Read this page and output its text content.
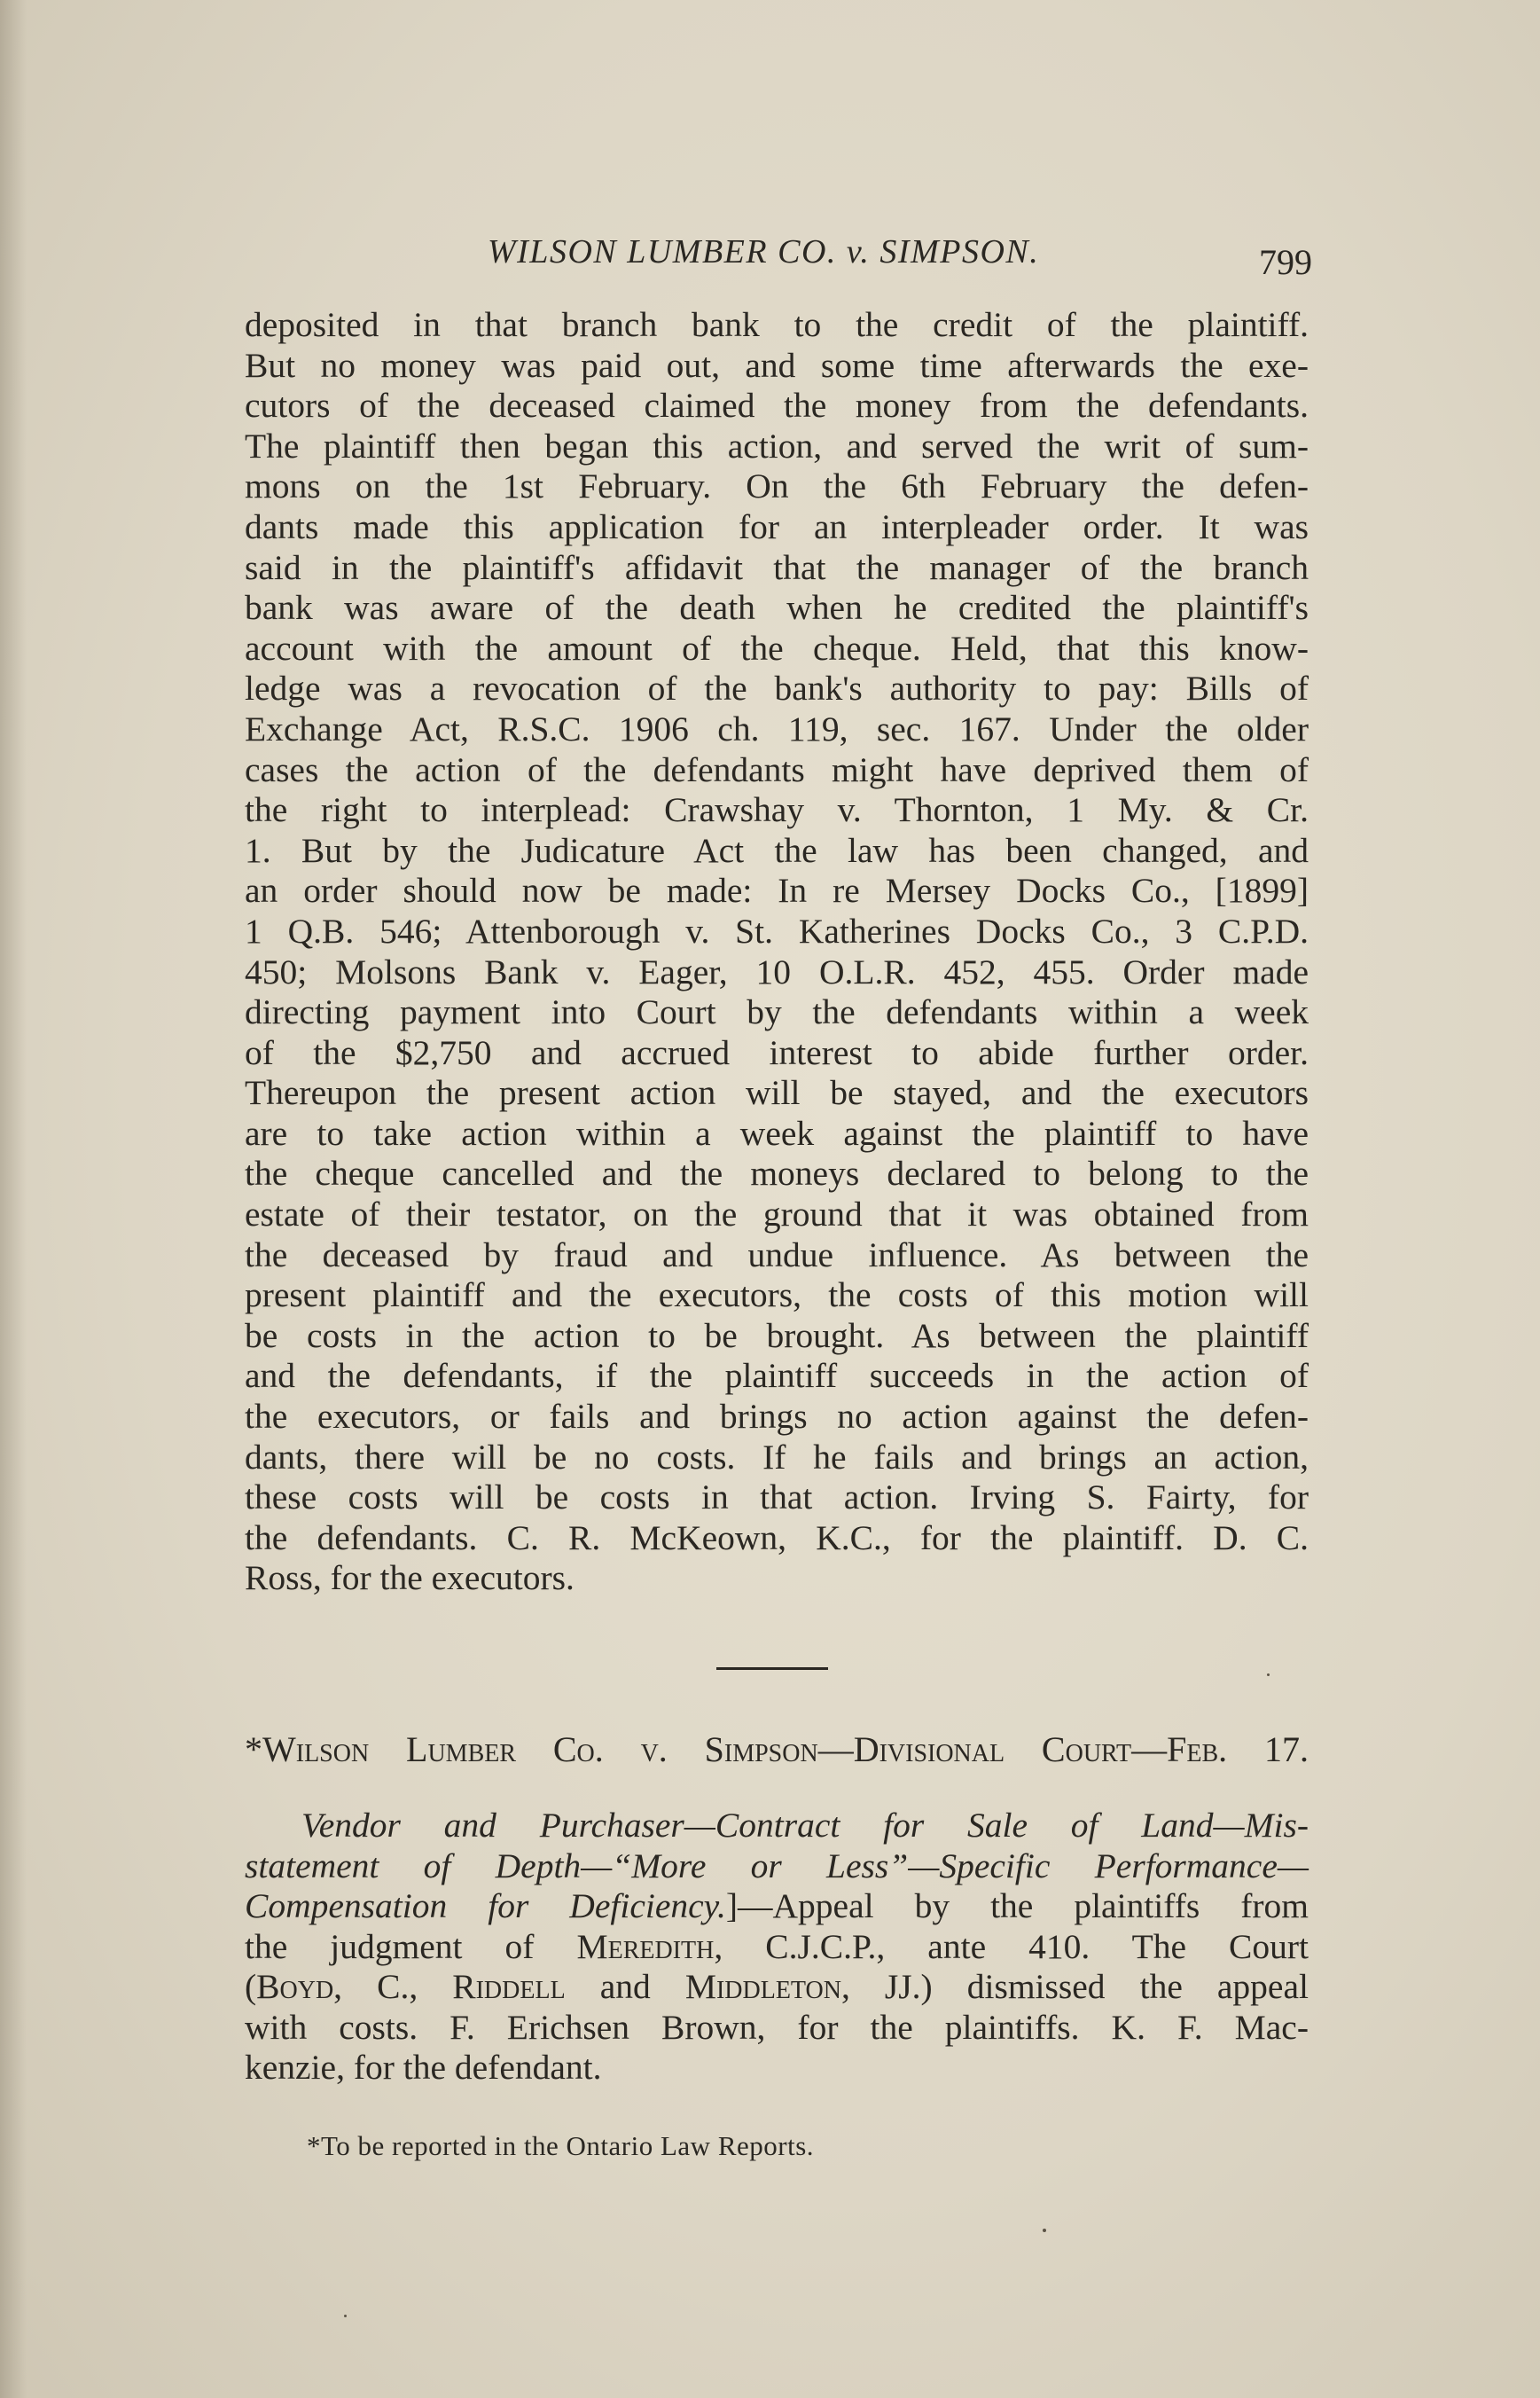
WILSON LUMBER CO. v. SIMPSON.	799
deposited in that branch bank to the credit of the plaintiff.
But no money was paid out, and some time afterwards the exe-
cutors of the deceased claimed the money from the defendants.
The plaintiff then began this action, and served the writ of sum-
mons on the 1st February. On the 6th February the defen-
dants made this application for an interpleader order. It was
said in the plaintiff's affidavit that the manager of the branch
bank was aware of the death when he credited the plaintiff's
account with the amount of the cheque. Held, that this know-
ledge was a revocation of the bank's authority to pay: Bills of
Exchange Act, R.S.C. 1906 ch. 119, sec. 167. Under the older
cases the action of the defendants might have deprived them of
the right to interplead: Crawshay v. Thornton, 1 My. & Cr.
1. But by the Judicature Act the law has been changed, and
an order should now be made: In re Mersey Docks Co., [1899]
1 Q.B. 546; Attenborough v. St. Katherines Docks Co., 3 C.P.D.
450; Molsons Bank v. Eager, 10 O.L.R. 452, 455. Order made
directing payment into Court by the defendants within a week
of the $2,750 and accrued interest to abide further order.
Thereupon the present action will be stayed, and the executors
are to take action within a week against the plaintiff to have
the cheque cancelled and the moneys declared to belong to the
estate of their testator, on the ground that it was obtained from
the deceased by fraud and undue influence. As between the
present plaintiff and the executors, the costs of this motion will
be costs in the action to be brought. As between the plaintiff
and the defendants, if the plaintiff succeeds in the action of
the executors, or fails and brings no action against the defen-
dants, there will be no costs. If he fails and brings an action,
these costs will be costs in that action. Irving S. Fairty, for
the defendants. C. R. McKeown, K.C., for the plaintiff. D. C.
Ross, for the executors.
*Wilson Lumber Co. v. Simpson—Divisional Court—Feb. 17.
Vendor and Purchaser—Contract for Sale of Land—Mis-
statement of Depth—“More or Less”—Specific Performance—
Compensation for Deficiency.]—Appeal by the plaintiffs from
the judgment of Meredith, C.J.C.P., ante 410. The Court
(Boyd, C., Riddell and Middleton, JJ.) dismissed the appeal
with costs. F. Erichsen Brown, for the plaintiffs. K. F. Mac-
kenzie, for the defendant.
*To be reported in the Ontario Law Reports.
